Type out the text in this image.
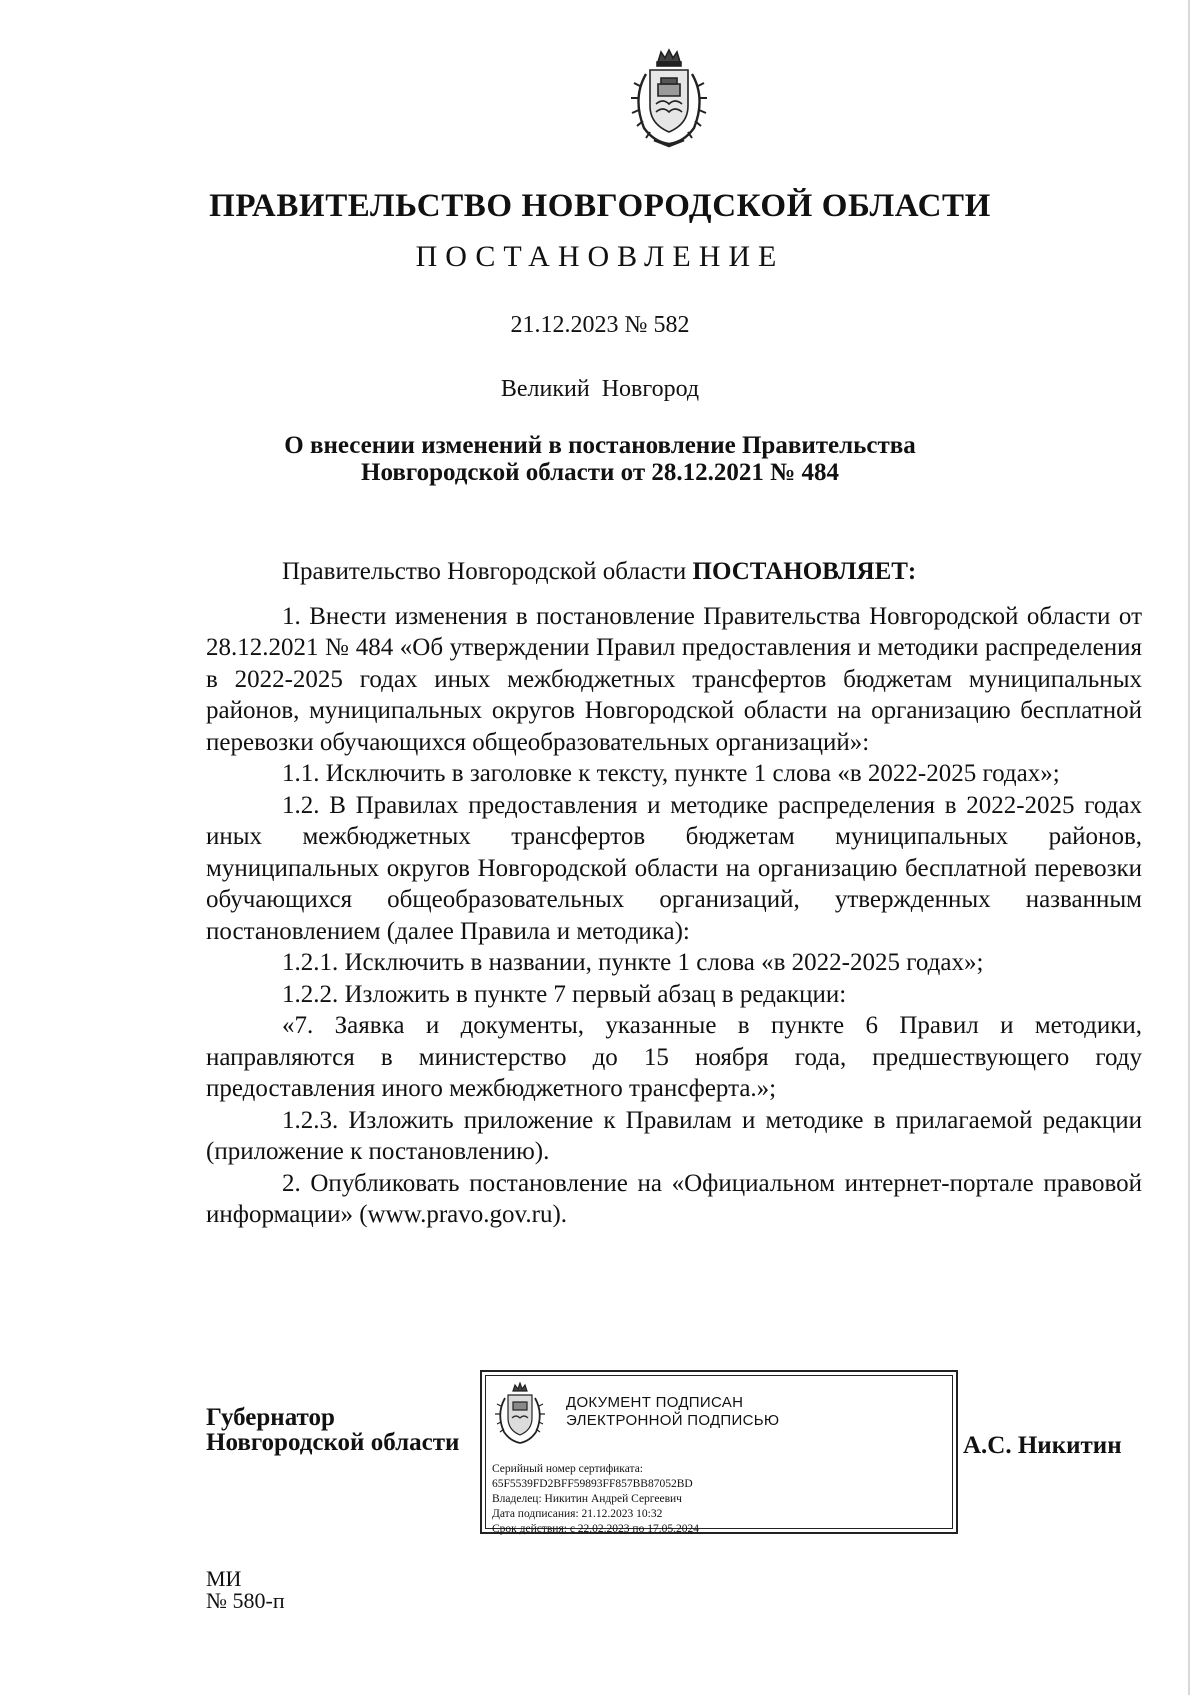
ПРАВИТЕЛЬСТВО НОВГОРОДСКОЙ ОБЛАСТИ
ПОСТАНОВЛЕНИЕ
21.12.2023 № 582
Великий  Новгород
О внесении изменений в постановление Правительства
Новгородской области от 28.12.2021 № 484

Правительство Новгородской области ПОСТАНОВЛЯЕТ:

1. Внести изменения в постановление Правительства Новгородской области от 28.12.2021 № 484 «Об утверждении Правил предоставления и методики распределения в 2022-2025 годах иных межбюджетных трансфертов бюджетам муниципальных районов, муниципальных округов Новгородской области на организацию бесплатной перевозки обучающихся общеобразовательных организаций»:

1.1. Исключить в заголовке к тексту, пункте 1 слова «в 2022-2025 годах»;

1.2. В Правилах предоставления и методике распределения в 2022-2025 годах иных межбюджетных трансфертов бюджетам муниципальных районов, муниципальных округов Новгородской области на организацию бесплатной перевозки обучающихся общеобразовательных организаций, утвержденных названным постановлением (далее Правила и методика):

1.2.1. Исключить в названии, пункте 1 слова «в 2022-2025 годах»;

1.2.2. Изложить в пункте 7 первый абзац в редакции:

«7. Заявка и документы, указанные в пункте 6 Правил и методики, направляются в министерство до 15 ноября года, предшествующего году предоставления иного межбюджетного трансферта.»;

1.2.3. Изложить приложение к Правилам и методике в прилагаемой редакции (приложение к постановлению).

2. Опубликовать постановление на «Официальном интернет-портале правовой информации» (www.pravo.gov.ru).

Губернатор
Новгородской области
ДОКУМЕНТ ПОДПИСАН
ЭЛЕКТРОННОЙ ПОДПИСЬЮ
Серийный номер сертификата:
65F5539FD2BFF59893FF857BB87052BD
Владелец: Никитин Андрей Сергеевич
Дата подписания: 21.12.2023 10:32
Срок действия: с 22.02.2023 по 17.05.2024
А.С. Никитин
МИ
№ 580-п
